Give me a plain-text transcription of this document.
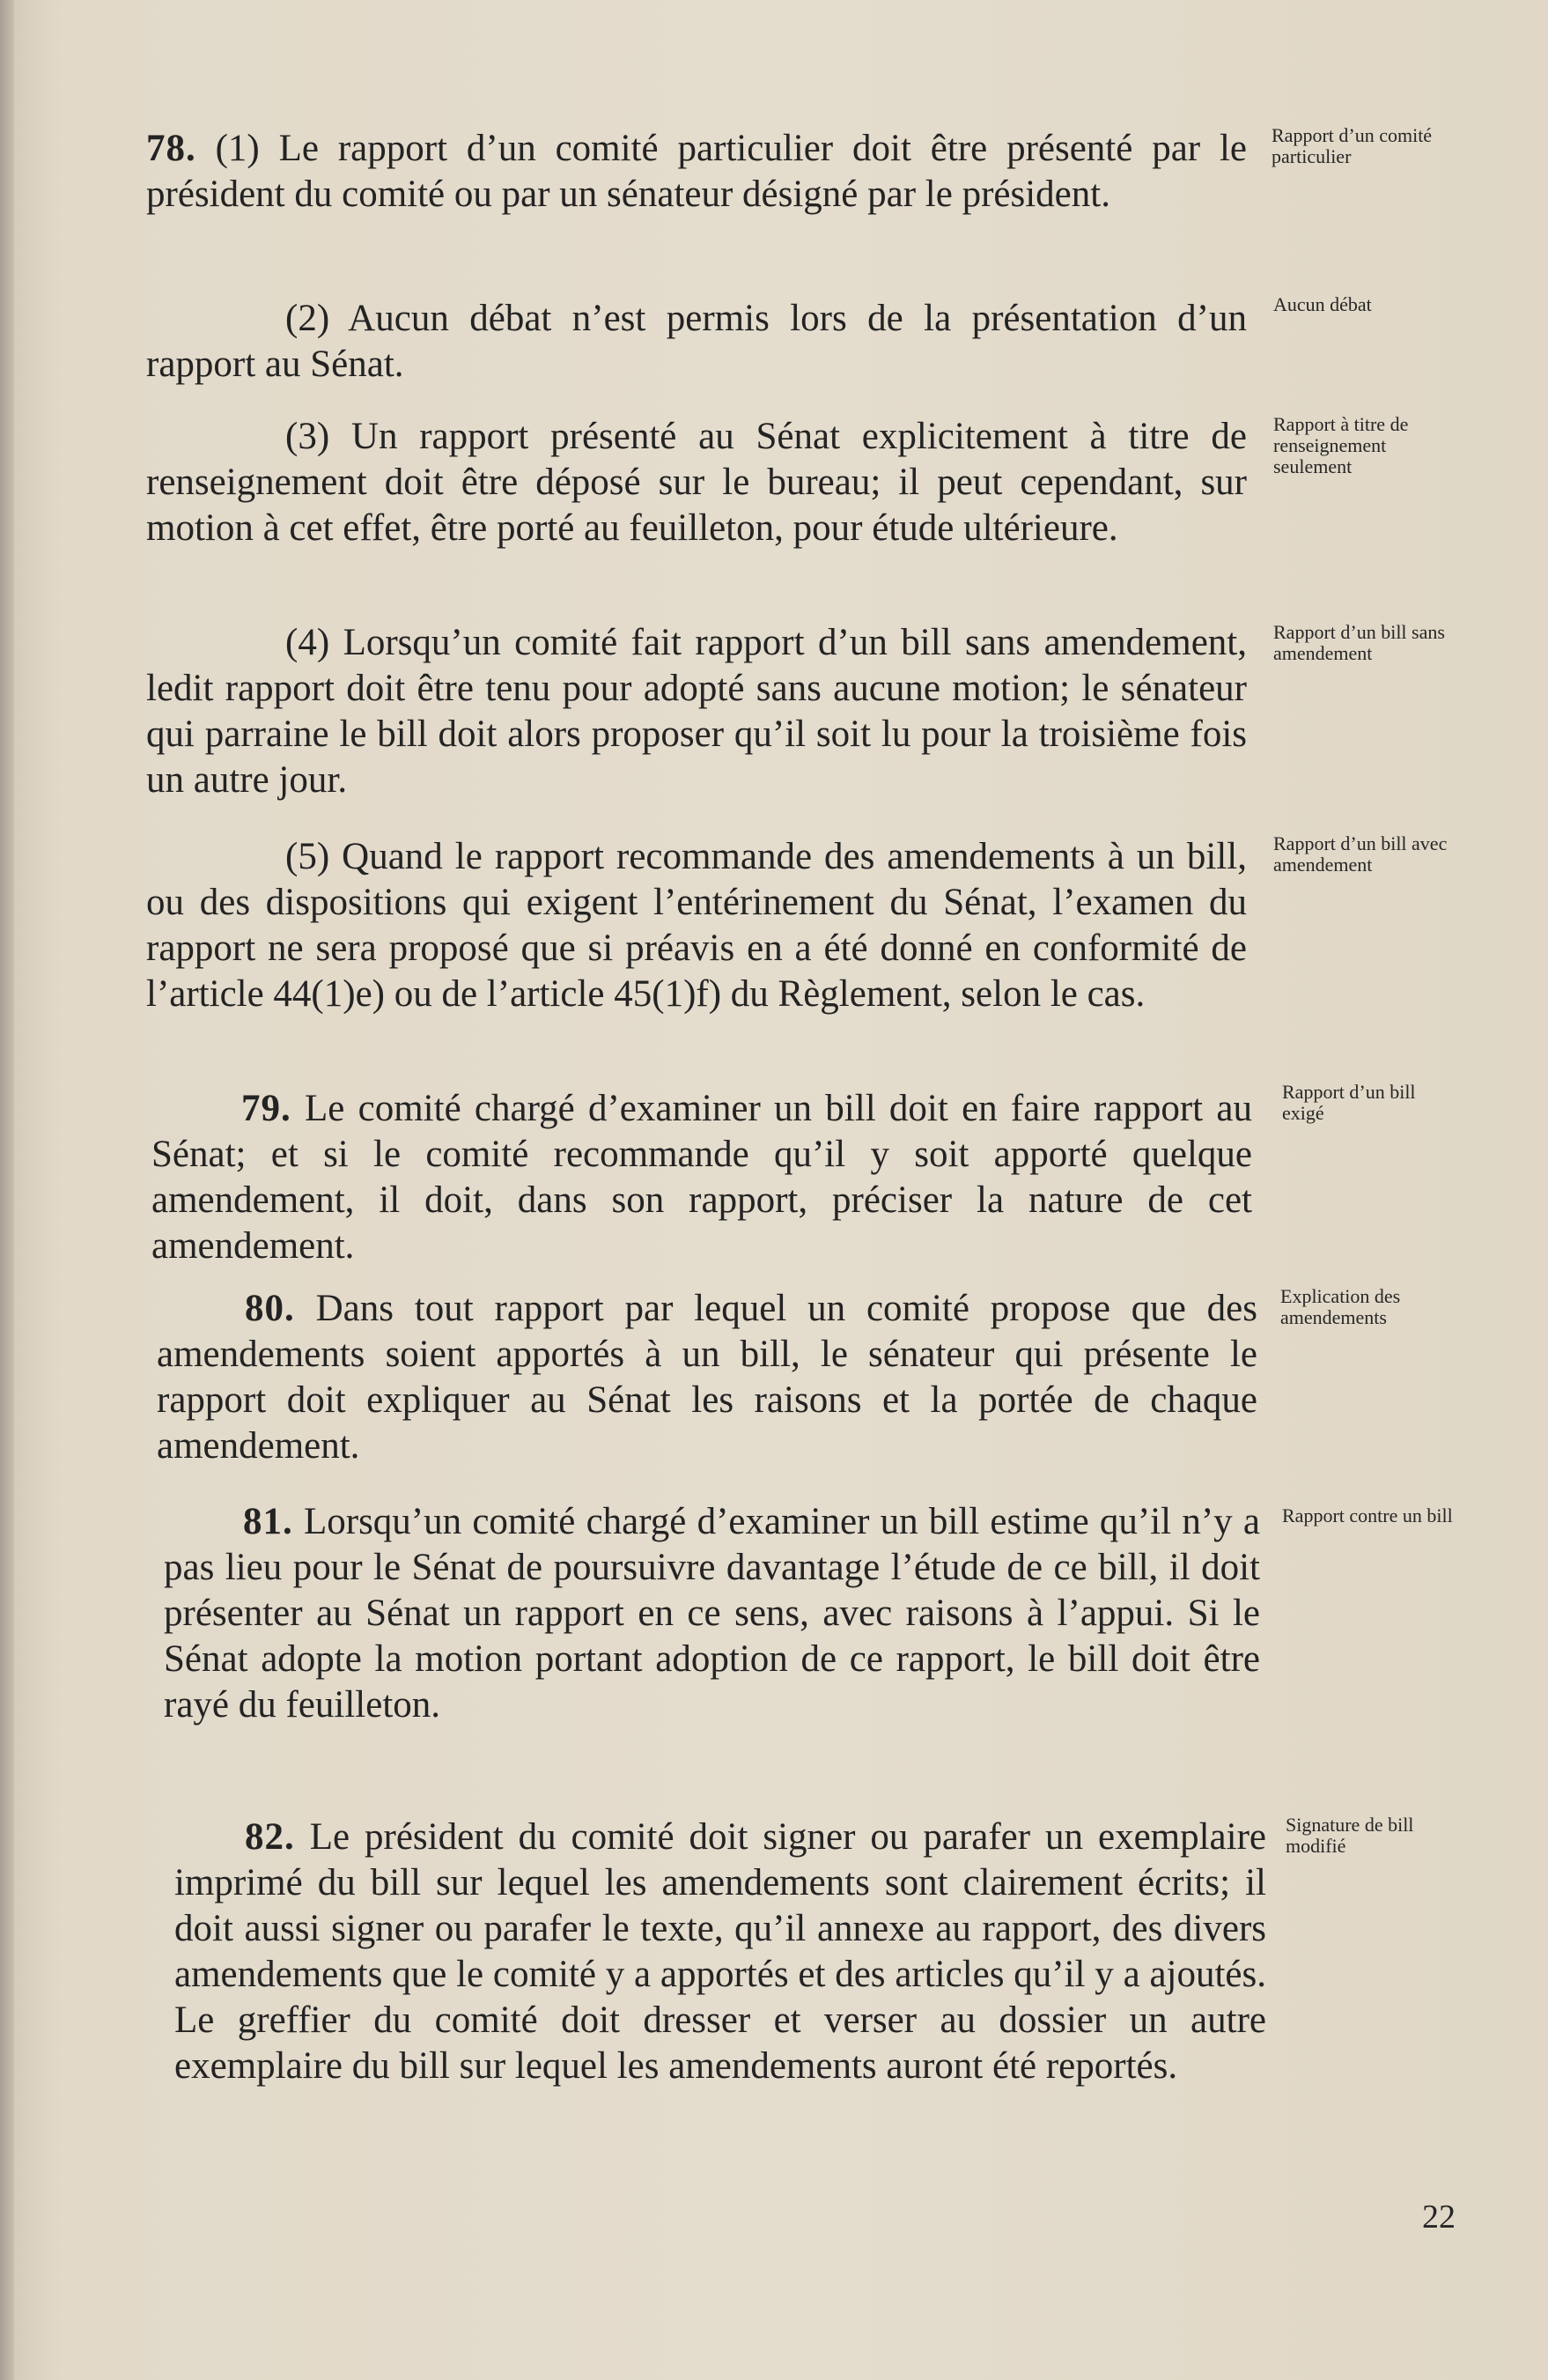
78. (1) Le rapport d’un comité particulier doit être présenté par le président du comité ou par un sénateur désigné par le président.

Rapport d’un comité particulier

(2) Aucun débat n’est permis lors de la présentation d’un rapport au Sénat.

Aucun débat

(3) Un rapport présenté au Sénat explicitement à titre de renseignement doit être déposé sur le bureau; il peut cependant, sur motion à cet effet, être porté au feuilleton, pour étude ultérieure.

Rapport à titre de renseignement seulement

(4) Lorsqu’un comité fait rapport d’un bill sans amendement, ledit rapport doit être tenu pour adopté sans aucune motion; le sénateur qui parraine le bill doit alors proposer qu’il soit lu pour la troisième fois un autre jour.

Rapport d’un bill sans amendement

(5) Quand le rapport recommande des amendements à un bill, ou des dispositions qui exigent l’entérinement du Sénat, l’examen du rapport ne sera proposé que si préavis en a été donné en conformité de l’article 44(1)e) ou de l’article 45(1)f) du Règlement, selon le cas.

Rapport d’un bill avec amendement

79. Le comité chargé d’examiner un bill doit en faire rapport au Sénat; et si le comité recommande qu’il y soit apporté quelque amendement, il doit, dans son rapport, préciser la nature de cet amendement.

Rapport d’un bill exigé

80. Dans tout rapport par lequel un comité propose que des amendements soient apportés à un bill, le sénateur qui présente le rapport doit expliquer au Sénat les raisons et la portée de chaque amendement.

Explication des amendements

81. Lorsqu’un comité chargé d’examiner un bill estime qu’il n’y a pas lieu pour le Sénat de poursuivre davantage l’étude de ce bill, il doit présenter au Sénat un rapport en ce sens, avec raisons à l’appui. Si le Sénat adopte la motion portant adoption de ce rapport, le bill doit être rayé du feuilleton.

Rapport contre un bill

82. Le président du comité doit signer ou parafer un exemplaire imprimé du bill sur lequel les amendements sont clairement écrits; il doit aussi signer ou parafer le texte, qu’il annexe au rapport, des divers amendements que le comité y a apportés et des articles qu’il y a ajoutés. Le greffier du comité doit dresser et verser au dossier un autre exemplaire du bill sur lequel les amendements auront été reportés.

Signature de bill modifié

22
